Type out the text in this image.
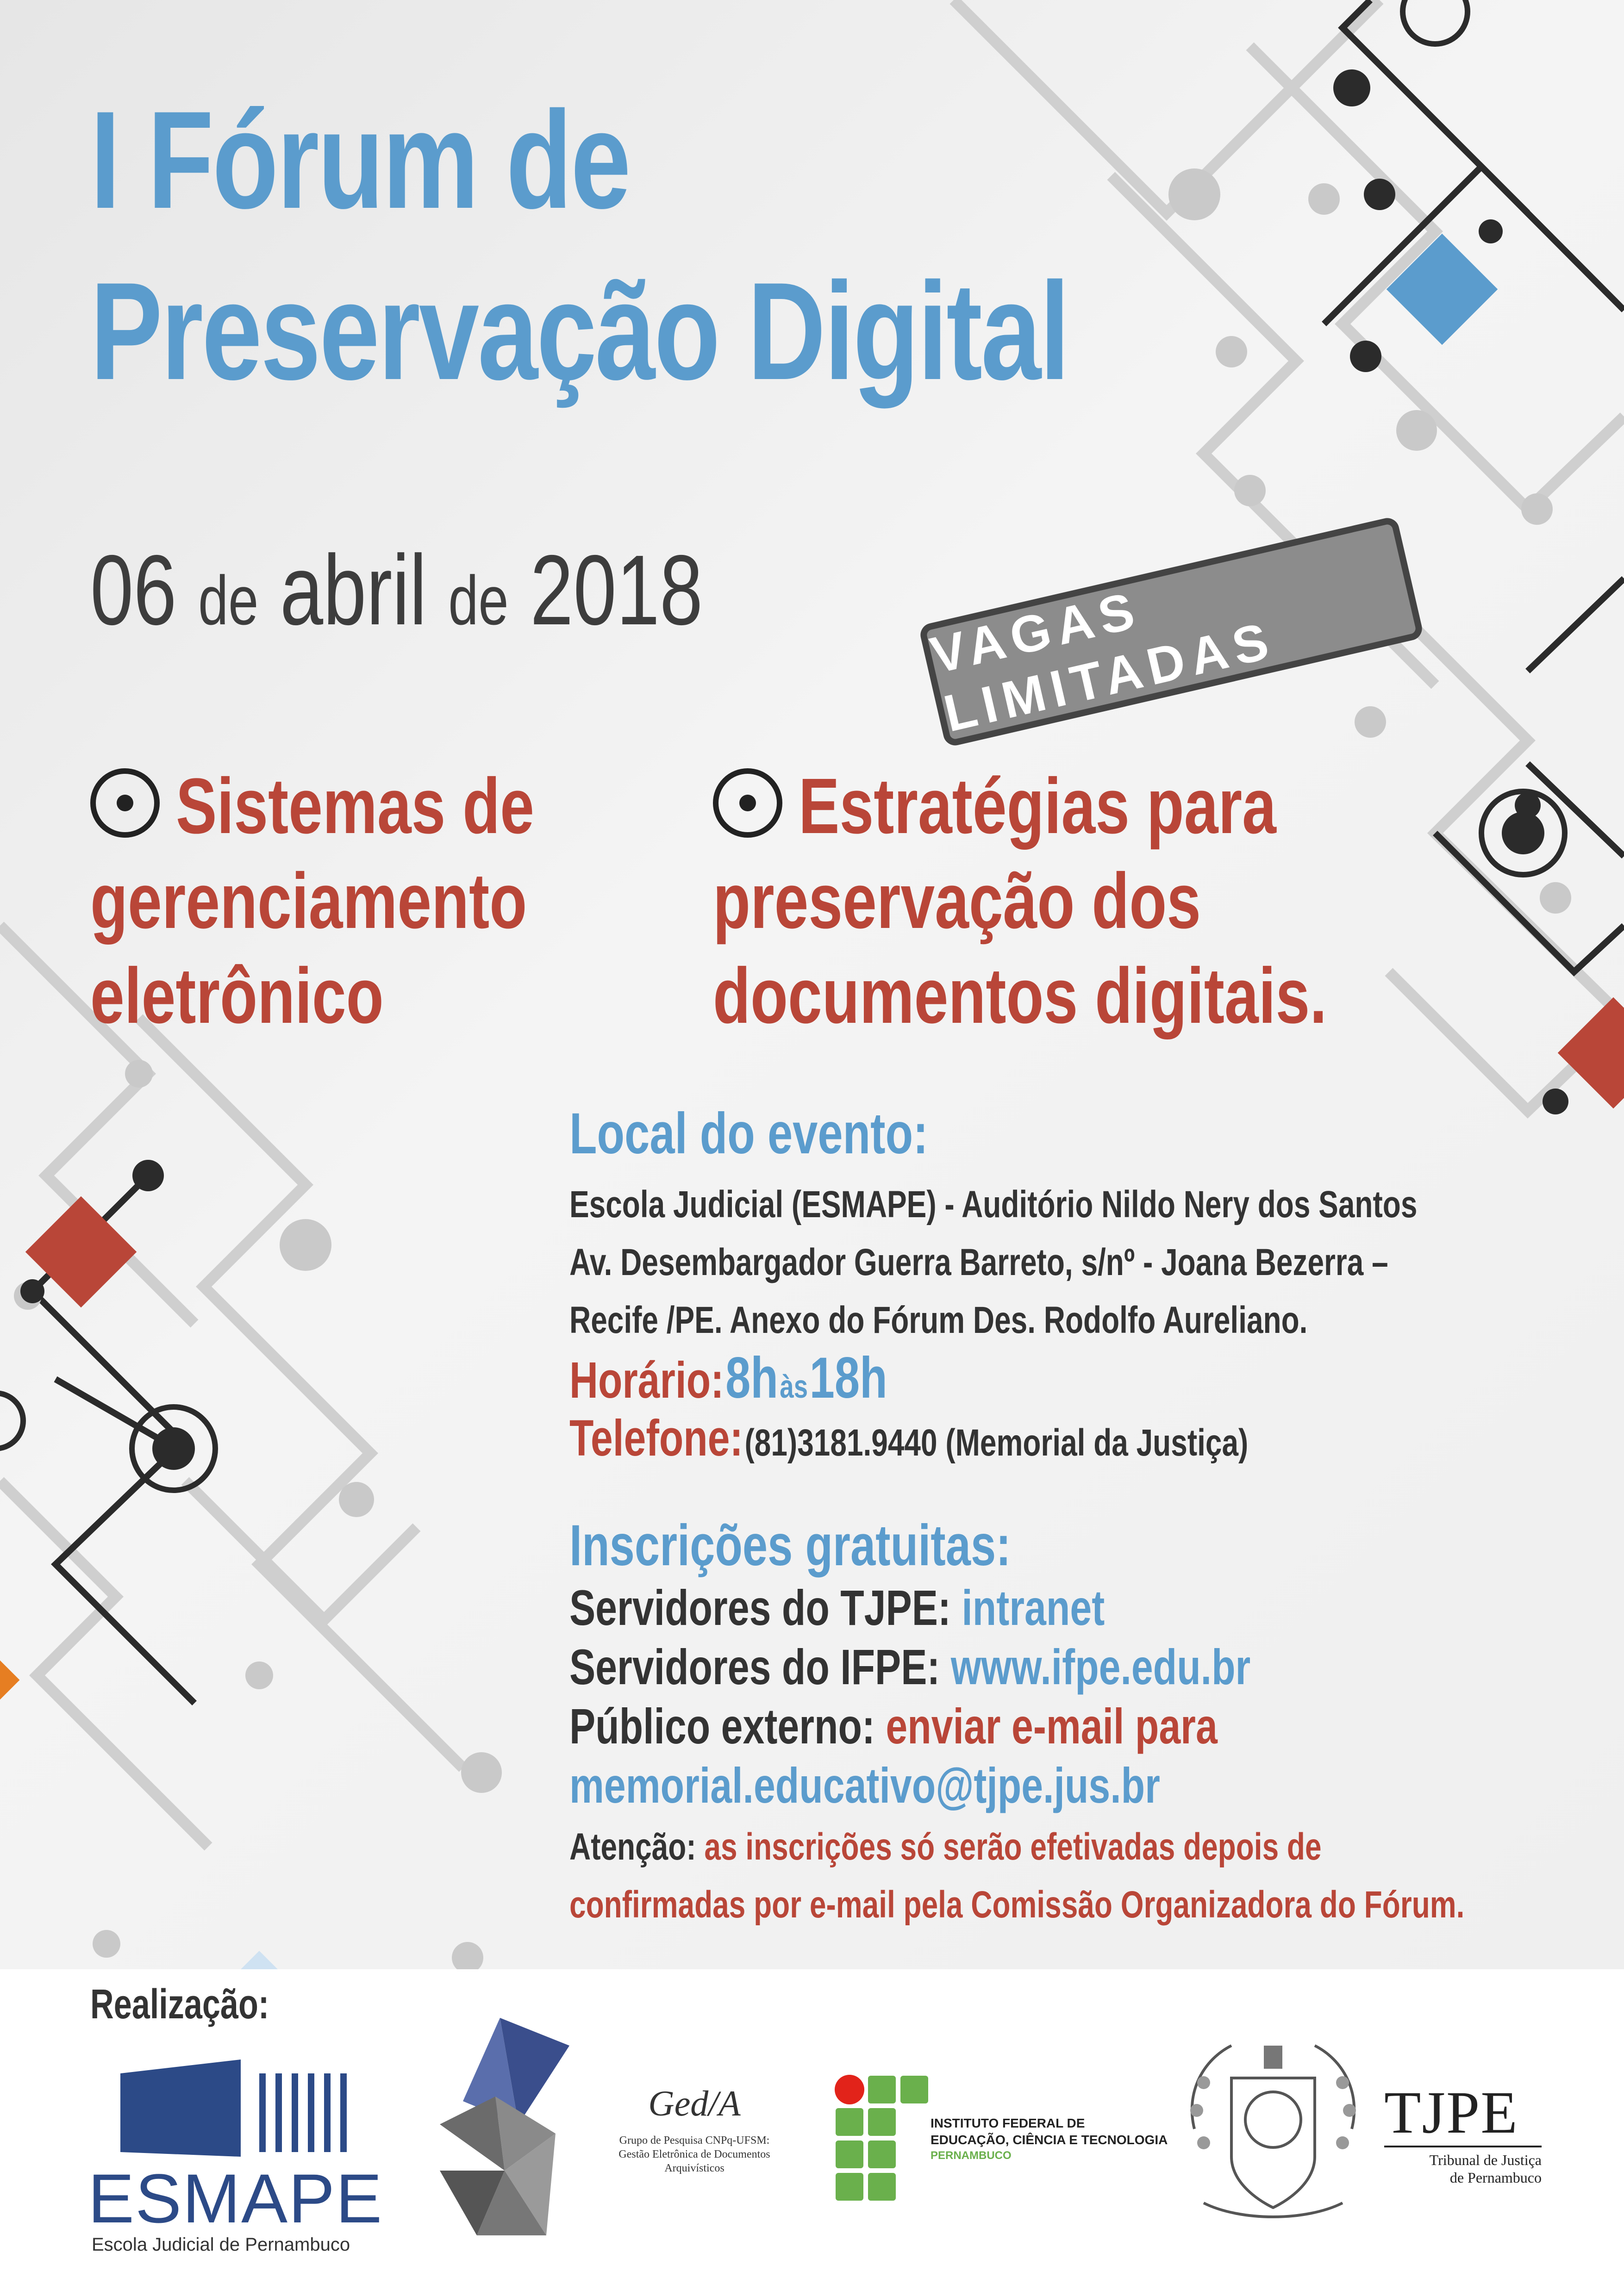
I Fórum de
Preservação Digital
06 de abril de 2018	VAGAS LIMITADAS
Sistemas de
gerenciamento
eletrônico
Estratégias para
preservação dos
documentos digitais.
Local do evento:
Escola Judicial (ESMAPE) - Auditório Nildo Nery dos Santos
Av. Desembargador Guerra Barreto, s/nº - Joana Bezerra –
Recife /PE. Anexo do Fórum Des. Rodolfo Aureliano.
Horário: 8h às 18h
Telefone: (81)3181.9440 (Memorial da Justiça)
Inscrições gratuitas:
Servidores do TJPE: intranet
Servidores do IFPE: www.ifpe.edu.br
Público externo: enviar e-mail para
memorial.educativo@tjpe.jus.br
Atenção: as inscrições só serão efetivadas depois de
confirmadas por e-mail pela Comissão Organizadora do Fórum.
Realização:
ESMAPE
Escola Judicial de Pernambuco
Ged/A
Grupo de Pesquisa CNPq-UFSM:
Gestão Eletrônica de Documentos
Arquivísticos
INSTITUTO FEDERAL DE
EDUCAÇÃO, CIÊNCIA E TECNOLOGIA
PERNAMBUCO
TJPE
Tribunal de Justiça
de Pernambuco
